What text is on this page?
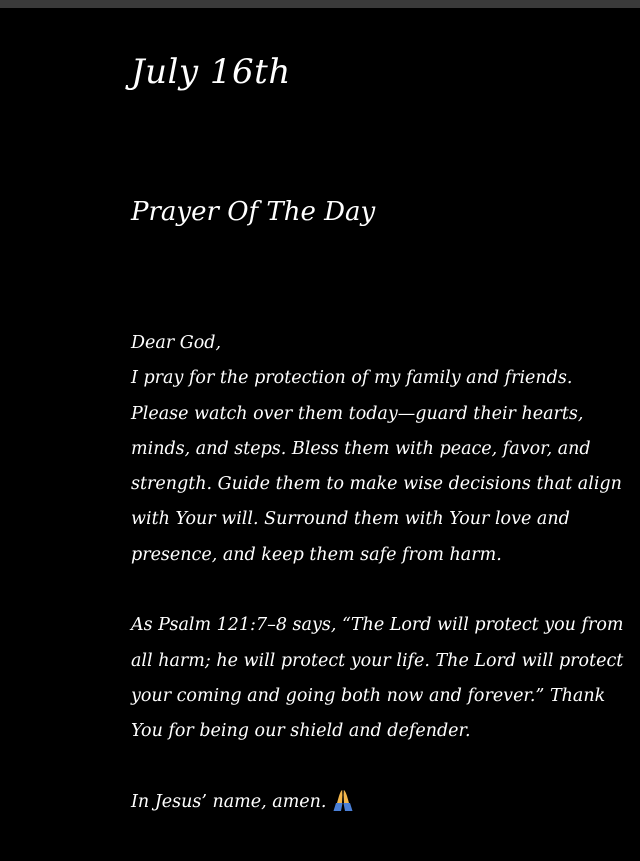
July 16th
Prayer Of The Day

Dear God,

I pray for the protection of my family and friends.
Please watch over them today—guard their hearts,
minds, and steps. Bless them with peace, favor, and
strength. Guide them to make wise decisions that align
with Your will. Surround them with Your love and
presence, and keep them safe from harm.

As Psalm 121:7–8 says, “The Lord will protect you from
all harm; he will protect your life. The Lord will protect
your coming and going both now and forever.” Thank
You for being our shield and defender.

In Jesus’ name, amen.
